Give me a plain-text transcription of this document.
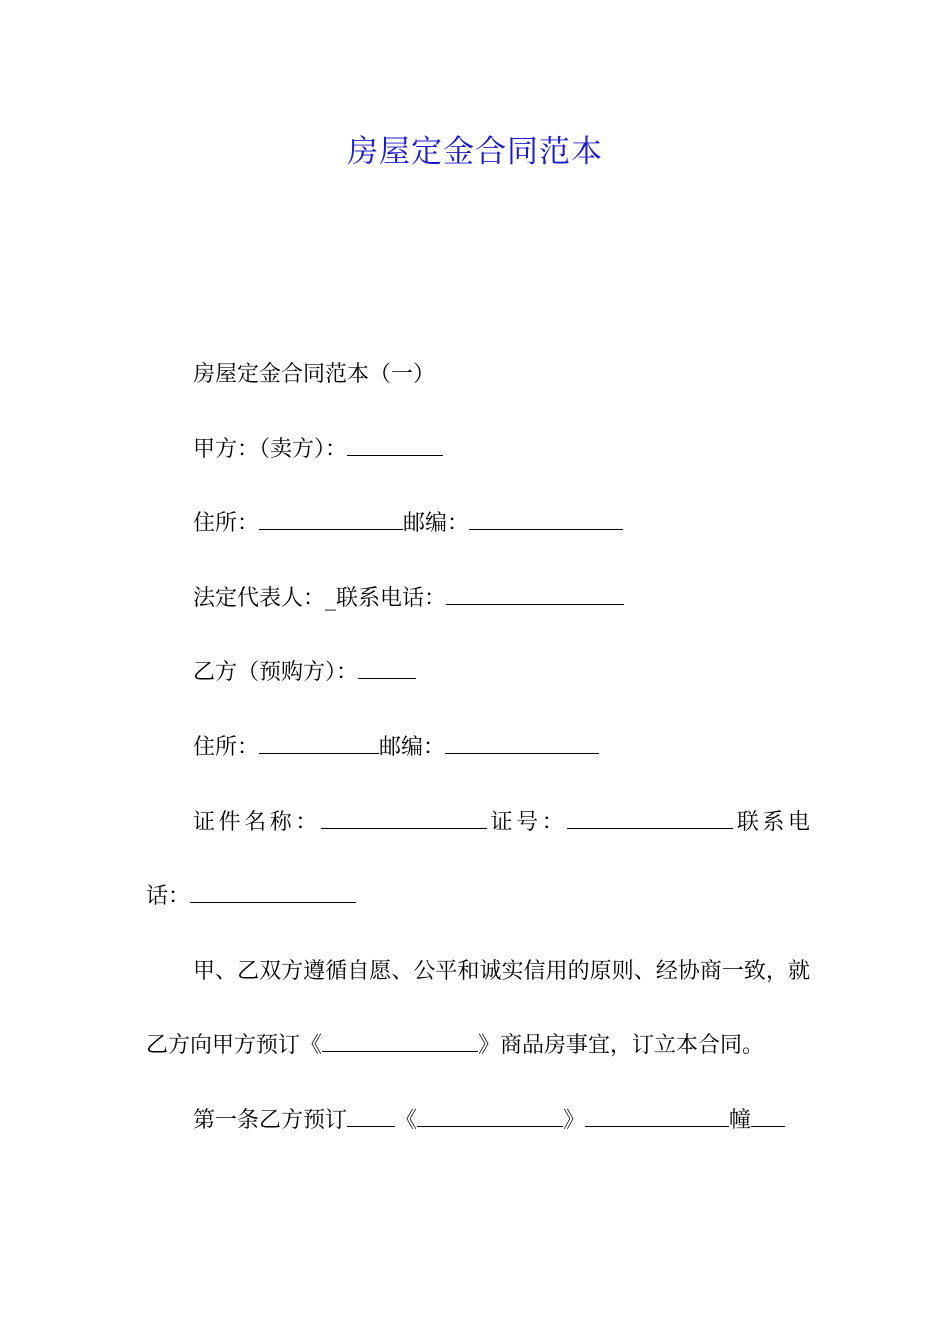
房屋定金合同范本

房屋定金合同范本（一）

甲方：（卖方）：

住所：	邮编：

法定代表人：_联系电话：

乙方（预购方）：

住所：	邮编：

证件名称：	证号：	联系电话：

甲、乙双方遵循自愿、公平和诚实信用的原则、经协商一致，就乙方向甲方预订《	》商品房事宜，订立本合同。

第一条乙方预订 《	》	幢
